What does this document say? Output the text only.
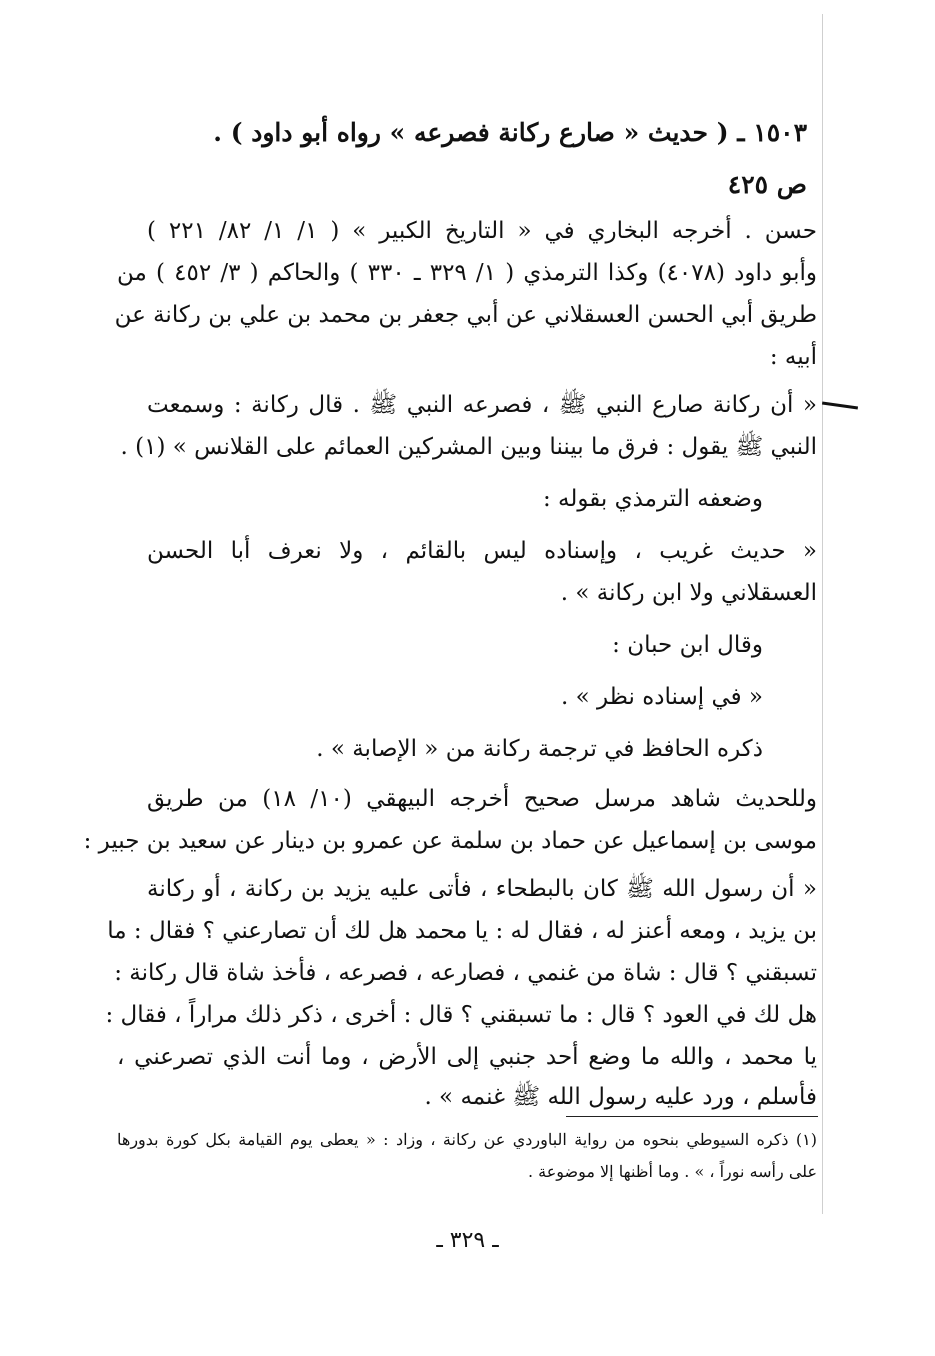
١٥٠٣ ـ ( حديث « صارع ركانة فصرعه » رواه أبو داود ) .
ص ٤٢٥
حسن . أخرجه البخاري في « التاريخ الكبير » ( ١/ ١/ ٨٢/ ٢٢١ )
وأبو داود (٤٠٧٨) وكذا الترمذي ( ١/ ٣٢٩ ـ ٣٣٠ ) والحاكم ( ٣/ ٤٥٢ ) من
طريق أبي الحسن العسقلاني عن أبي جعفر بن محمد بن علي بن ركانة عن
أبيه :
« أن ركانة صارع النبي ﷺ ، فصرعه النبي ﷺ . قال ركانة : وسمعت
النبي ﷺ يقول : فرق ما بيننا وبين المشركين العمائم على القلانس » (١) .
وضعفه الترمذي بقوله :
« حديث غريب ، وإسناده ليس بالقائم ، ولا نعرف أبا الحسن
العسقلاني ولا ابن ركانة » .
وقال ابن حبان :
« في إسناده نظر » .
ذكره الحافظ في ترجمة ركانة من « الإصابة » .
وللحديث شاهد مرسل صحيح أخرجه البيهقي (١٠/ ١٨) من طريق
موسى بن إسماعيل عن حماد بن سلمة عن عمرو بن دينار عن سعيد بن جبير :
« أن رسول الله ﷺ كان بالبطحاء ، فأتى عليه يزيد بن ركانة ، أو ركانة
بن يزيد ، ومعه أعنز له ، فقال له : يا محمد هل لك أن تصارعني ؟ فقال : ما
تسبقني ؟ قال : شاة من غنمي ، فصارعه ، فصرعه ، فأخذ شاة قال ركانة :
هل لك في العود ؟ قال : ما تسبقني ؟ قال : أخرى ، ذكر ذلك مراراً ، فقال :
يا محمد ، والله ما وضع أحد جنبي إلى الأرض ، وما أنت الذي تصرعني ،
فأسلم ، ورد عليه رسول الله ﷺ غنمه » .
(١) ذكره السيوطي بنحوه من رواية الباوردي عن ركانة ، وزاد : « يعطى يوم القيامة بكل كورة بدورها
على رأسه نوراً ، » . وما أظنها إلا موضوعة .
ـ ٣٢٩ ـ
